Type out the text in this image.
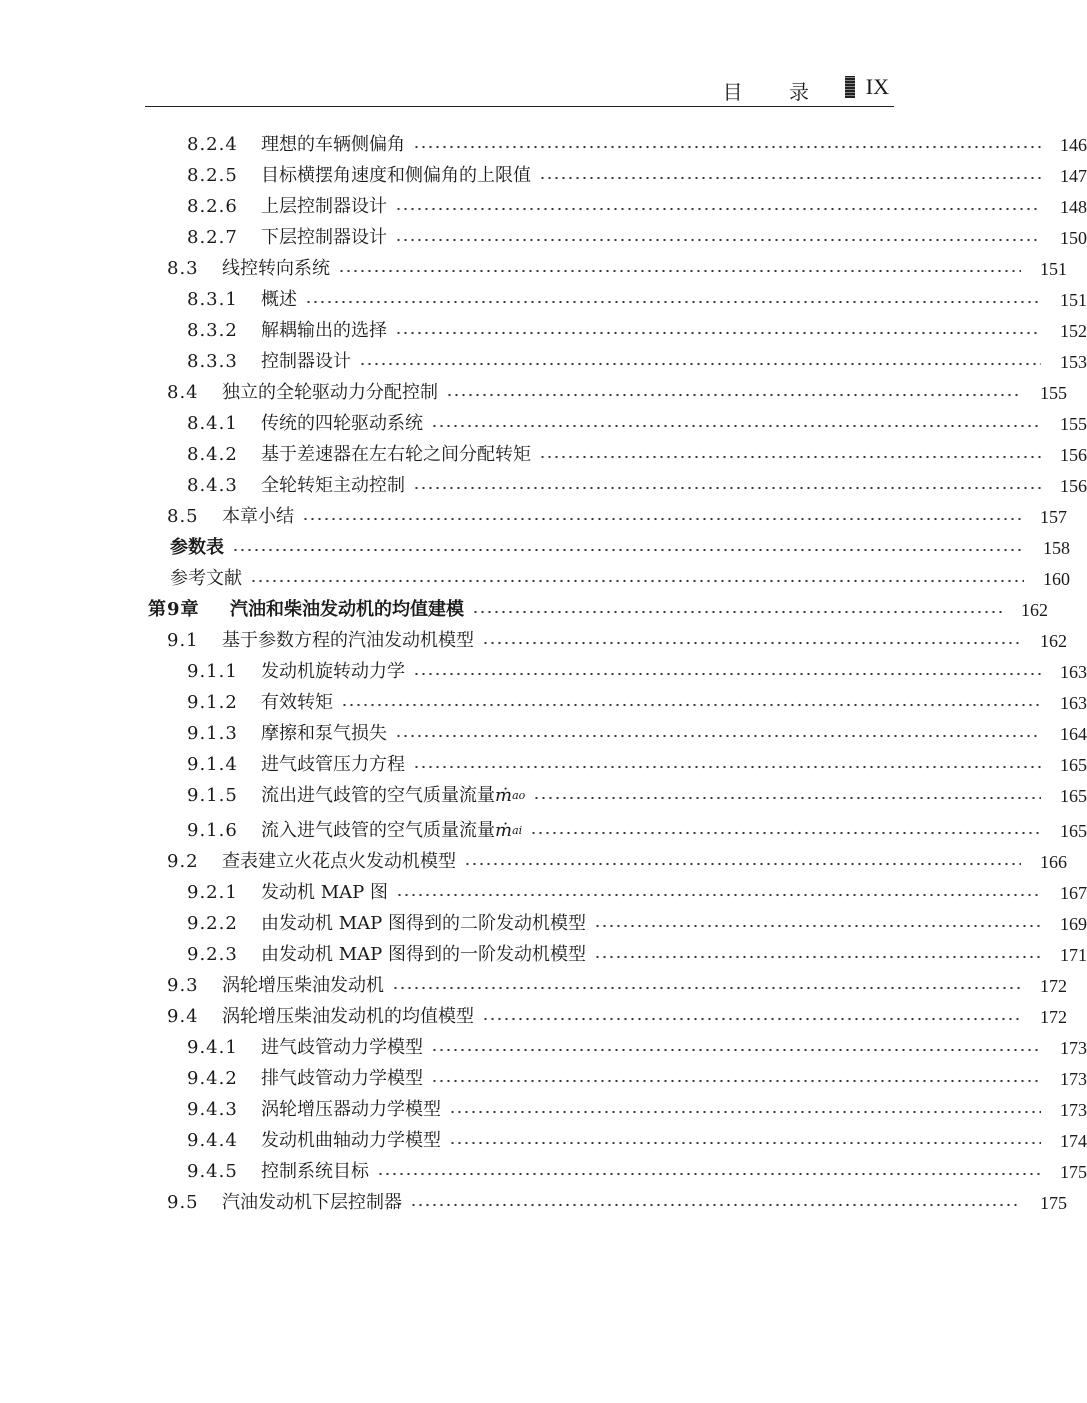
目 录 IX
8.2.4	理想的车辆侧偏角	146
8.2.5	目标横摆角速度和侧偏角的上限值	147
8.2.6	上层控制器设计	148
8.2.7	下层控制器设计	150
8.3	线控转向系统	151
8.3.1	概述	151
8.3.2	解耦输出的选择	152
8.3.3	控制器设计	153
8.4	独立的全轮驱动力分配控制	155
8.4.1	传统的四轮驱动系统	155
8.4.2	基于差速器在左右轮之间分配转矩	156
8.4.3	全轮转矩主动控制	156
8.5	本章小结	157
参数表	158
参考文献	160
第9章	汽油和柴油发动机的均值建模	162
9.1	基于参数方程的汽油发动机模型	162
9.1.1	发动机旋转动力学	163
9.1.2	有效转矩	163
9.1.3	摩擦和泵气损失	164
9.1.4	进气歧管压力方程	165
9.1.5	流出进气歧管的空气质量流量 ṁ ao	165
9.1.6	流入进气歧管的空气质量流量 ṁ ai	165
9.2	查表建立火花点火发动机模型	166
9.2.1	发动机 MAP 图	167
9.2.2	由发动机 MAP 图得到的二阶发动机模型	169
9.2.3	由发动机 MAP 图得到的一阶发动机模型	171
9.3	涡轮增压柴油发动机	172
9.4	涡轮增压柴油发动机的均值模型	172
9.4.1	进气歧管动力学模型	173
9.4.2	排气歧管动力学模型	173
9.4.3	涡轮增压器动力学模型	173
9.4.4	发动机曲轴动力学模型	174
9.4.5	控制系统目标	175
9.5	汽油发动机下层控制器	175
